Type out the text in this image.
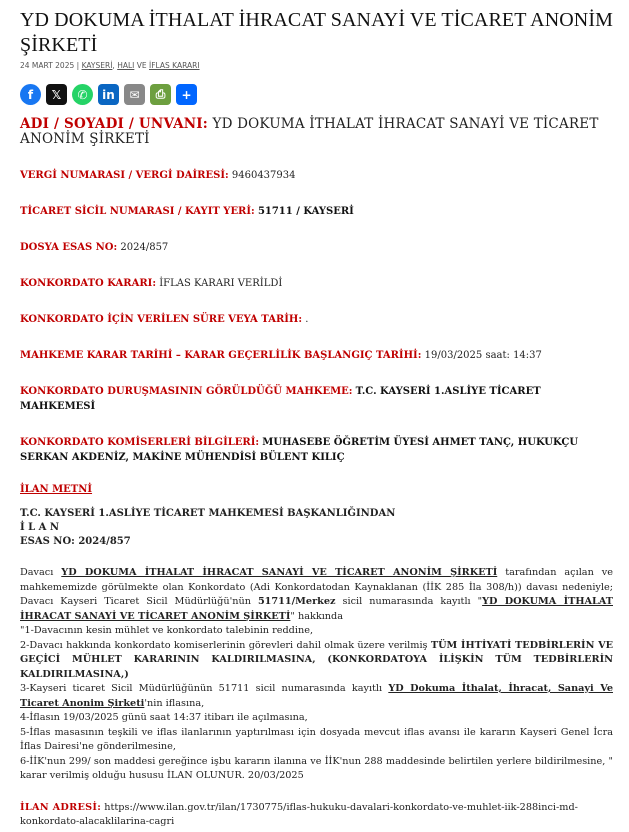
YD DOKUMA İTHALAT İHRACAT SANAYİ VE TİCARET ANONİM ŞİRKETİ
24 MART 2025 | KAYSERİ, HALI VE İFLAS KARARI
f	𝕏	✆	in	✉	⎙	+
ADI / SOYADI / UNVANI: YD DOKUMA İTHALAT İHRACAT SANAYİ VE TİCARET ANONİM ŞİRKETİ

VERGİ NUMARASI / VERGİ DAİRESİ: 9460437934

TİCARET SİCİL NUMARASI / KAYIT YERİ: 51711 / KAYSERİ

DOSYA ESAS NO: 2024/857

KONKORDATO KARARI: İFLAS KARARI VERİLDİ

KONKORDATO İÇİN VERİLEN SÜRE VEYA TARİH: .

MAHKEME KARAR TARİHİ – KARAR GEÇERLİLİK BAŞLANGIÇ TARİHİ: 19/03/2025 saat: 14:37

KONKORDATO DURUŞMASININ GÖRÜLDÜĞÜ MAHKEME: T.C. KAYSERİ 1.ASLİYE TİCARET MAHKEMESİ

KONKORDATO KOMİSERLERİ BİLGİLERİ: MUHASEBE ÖĞRETİM ÜYESİ AHMET TANÇ, HUKUKÇU SERKAN AKDENİZ, MAKİNE MÜHENDİSİ BÜLENT KILIÇ

İLAN METNİ
T.C. KAYSERİ 1.ASLİYE TİCARET MAHKEMESİ BAŞKANLIĞINDAN
İ L A N
ESAS NO: 2024/857

Davacı YD DOKUMA İTHALAT İHRACAT SANAYİ VE TİCARET ANONİM ŞİRKETİ tarafından açılan ve mahkememizde görülmekte olan Konkordato (Adi Konkordatodan Kaynaklanan (İİK 285 İla 308/h)) davası nedeniyle; Davacı Kayseri Ticaret Sicil Müdürlüğü'nün 51711/Merkez sicil numarasında kayıtlı "YD DOKUMA İTHALAT İHRACAT SANAYİ VE TİCARET ANONİM ŞİRKETİ" hakkında

"1-Davacının kesin mühlet ve konkordato talebinin reddine,

2-Davacı hakkında konkordato komiserlerinin görevleri dahil olmak üzere verilmiş TÜM İHTİYATİ TEDBİRLERİN VE GEÇİCİ MÜHLET KARARININ KALDIRILMASINA, (KONKORDATOYA İLİŞKİN TÜM TEDBİRLERİN KALDIRILMASINA,)

3-Kayseri ticaret Sicil Müdürlüğünün 51711 sicil numarasında kayıtlı YD Dokuma İthalat, İhracat, Sanayi Ve Ticaret Anonim Şirketi'nin iflasına,

4-İflasın 19/03/2025 günü saat 14:37 itibarı ile açılmasına,

5-İflas masasının teşkili ve iflas ilanlarının yaptırılması için dosyada mevcut iflas avansı ile kararın Kayseri Genel İcra İflas Dairesi'ne gönderilmesine,

6-İİK'nun 299/ son maddesi gereğince işbu kararın ilanına ve İİK'nun 288 maddesinde belirtilen yerlere bildirilmesine, " karar verilmiş olduğu hususu İLAN OLUNUR. 20/03/2025

İLAN ADRESİ: https://www.ilan.gov.tr/ilan/1730775/iflas-hukuku-davalari-konkordato-ve-muhlet-iik-288inci-md-konkordato-alacaklilarina-cagri
